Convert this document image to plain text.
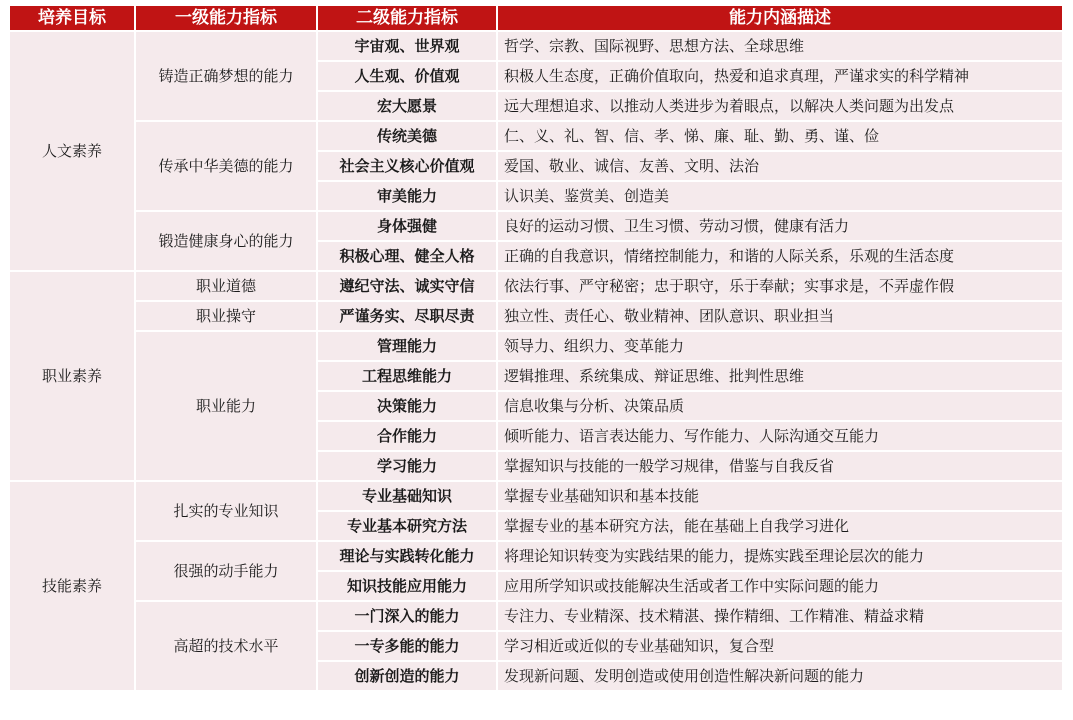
培养目标	一级能力指标	二级能力指标	能力内涵描述
人文素养	铸造正确梦想的能力	宇宙观、世界观	哲学、宗教、国际视野、思想方法、全球思维
		人生观、价值观	积极人生态度，正确价值取向，热爱和追求真理，严谨求实的科学精神
		宏大愿景	远大理想追求、以推动人类进步为着眼点，以解决人类问题为出发点
	传承中华美德的能力	传统美德	仁、义、礼、智、信、孝、悌、廉、耻、勤、勇、谨、俭
		社会主义核心价值观	爱国、敬业、诚信、友善、文明、法治
		审美能力	认识美、鉴赏美、创造美
	锻造健康身心的能力	身体强健	良好的运动习惯、卫生习惯、劳动习惯，健康有活力
		积极心理、健全人格	正确的自我意识，情绪控制能力，和谐的人际关系，乐观的生活态度
职业素养	职业道德	遵纪守法、诚实守信	依法行事、严守秘密；忠于职守，乐于奉献；实事求是，不弄虚作假
	职业操守	严谨务实、尽职尽责	独立性、责任心、敬业精神、团队意识、职业担当
	职业能力	管理能力	领导力、组织力、变革能力
		工程思维能力	逻辑推理、系统集成、辩证思维、批判性思维
		决策能力	信息收集与分析、决策品质
		合作能力	倾听能力、语言表达能力、写作能力、人际沟通交互能力
		学习能力	掌握知识与技能的一般学习规律，借鉴与自我反省
技能素养	扎实的专业知识	专业基础知识	掌握专业基础知识和基本技能
		专业基本研究方法	掌握专业的基本研究方法，能在基础上自我学习进化
	很强的动手能力	理论与实践转化能力	将理论知识转变为实践结果的能力，提炼实践至理论层次的能力
		知识技能应用能力	应用所学知识或技能解决生活或者工作中实际问题的能力
	高超的技术水平	一门深入的能力	专注力、专业精深、技术精湛、操作精细、工作精准、精益求精
		一专多能的能力	学习相近或近似的专业基础知识，复合型
		创新创造的能力	发现新问题、发明创造或使用创造性解决新问题的能力
